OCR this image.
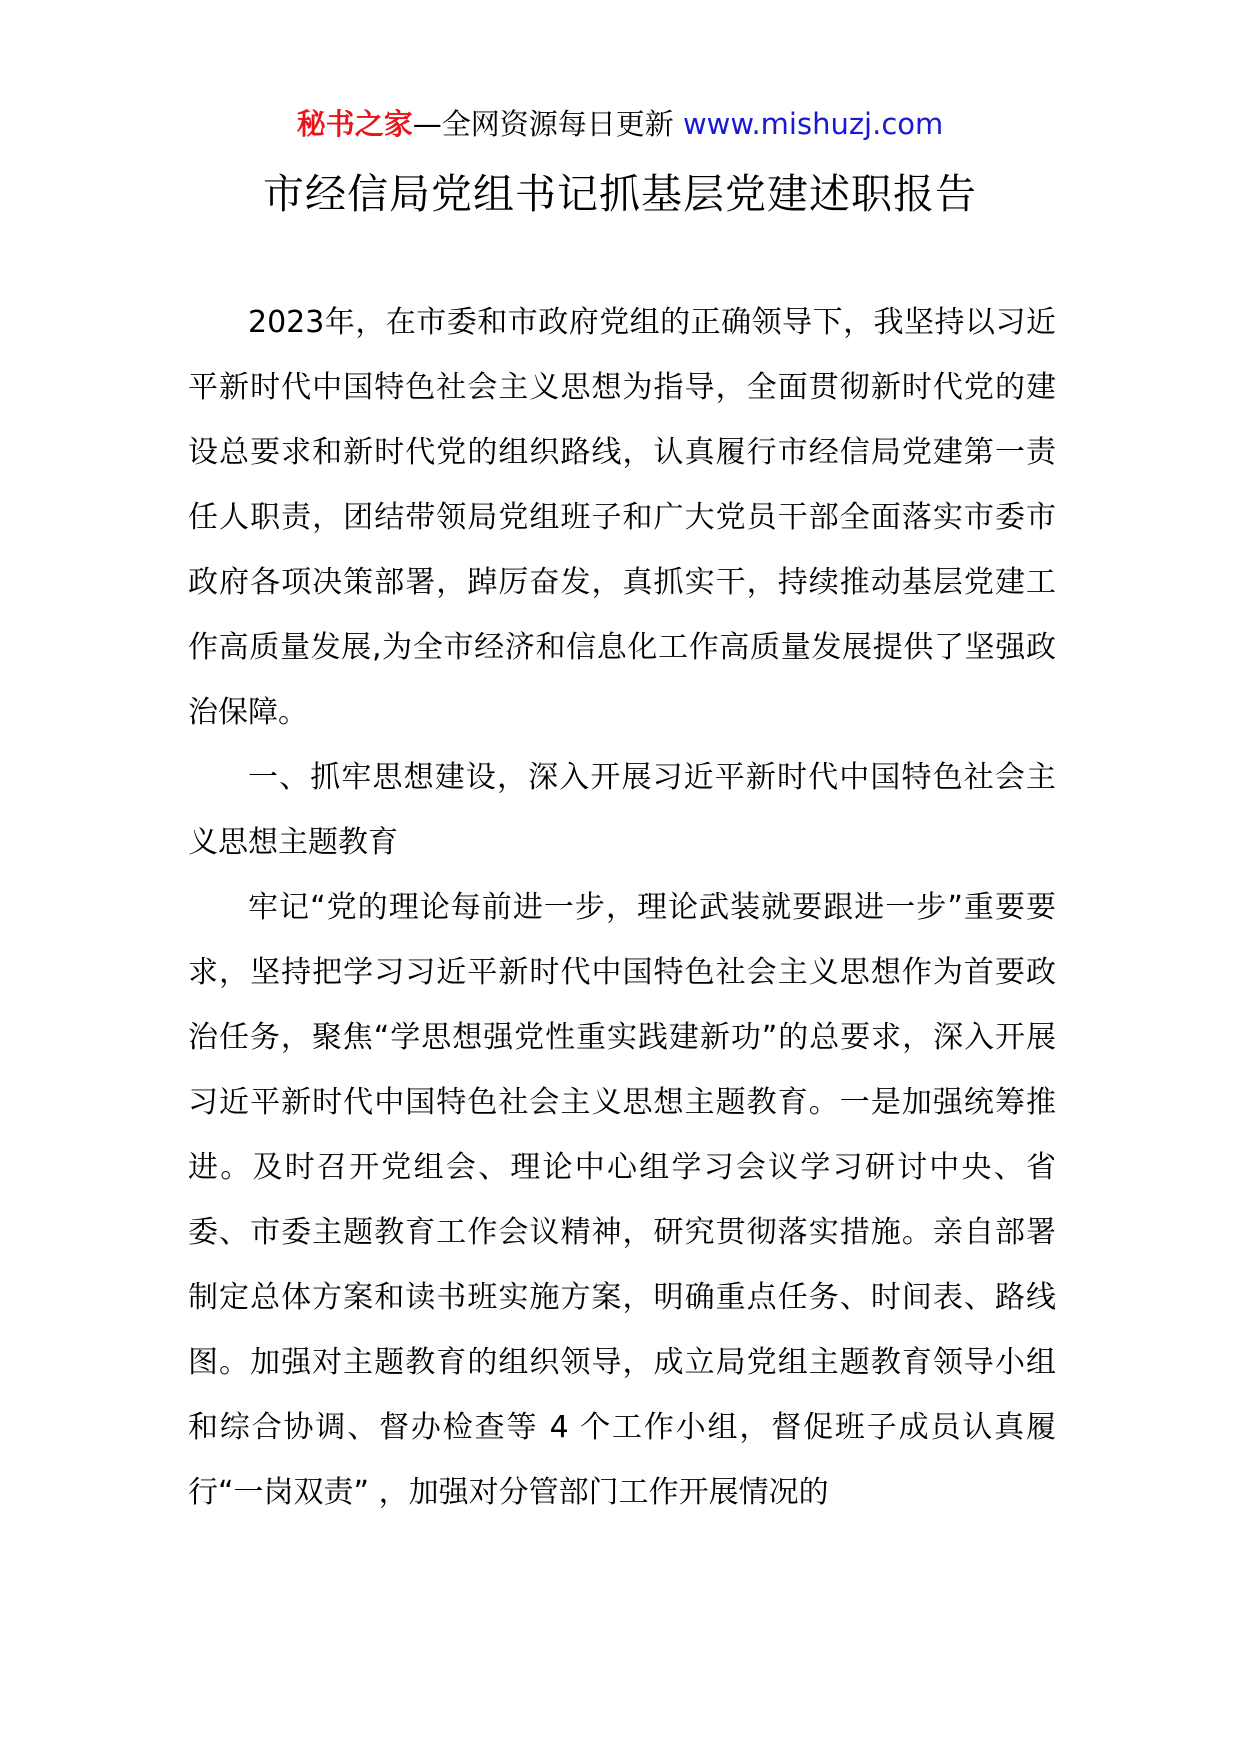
秘书之家—全网资源每日更新 www.mishuzj.com
市经信局党组书记抓基层党建述职报告

2023年，在市委和市政府党组的正确领导下，我坚持以习近平新时代中国特色社会主义思想为指导，全面贯彻新时代党的建设总要求和新时代党的组织路线，认真履行市经信局党建第一责任人职责，团结带领局党组班子和广大党员干部全面落实市委市政府各项决策部署，踔厉奋发，真抓实干，持续推动基层党建工作高质量发展,为全市经济和信息化工作高质量发展提供了坚强政治保障。

一、抓牢思想建设，深入开展习近平新时代中国特色社会主义思想主题教育

牢记“党的理论每前进一步，理论武装就要跟进一步”重要要求，坚持把学习习近平新时代中国特色社会主义思想作为首要政治任务，聚焦“学思想强党性重实践建新功”的总要求，深入开展习近平新时代中国特色社会主义思想主题教育。一是加强统筹推进。及时召开党组会、理论中心组学习会议学习研讨中央、省委、市委主题教育工作会议精神，研究贯彻落实措施。亲自部署制定总体方案和读书班实施方案，明确重点任务、时间表、路线图。加强对主题教育的组织领导，成立局党组主题教育领导小组和综合协调、督办检查等 4 个工作小组，督促班子成员认真履行“一岗双责” ，加强对分管部门工作开展情况的
